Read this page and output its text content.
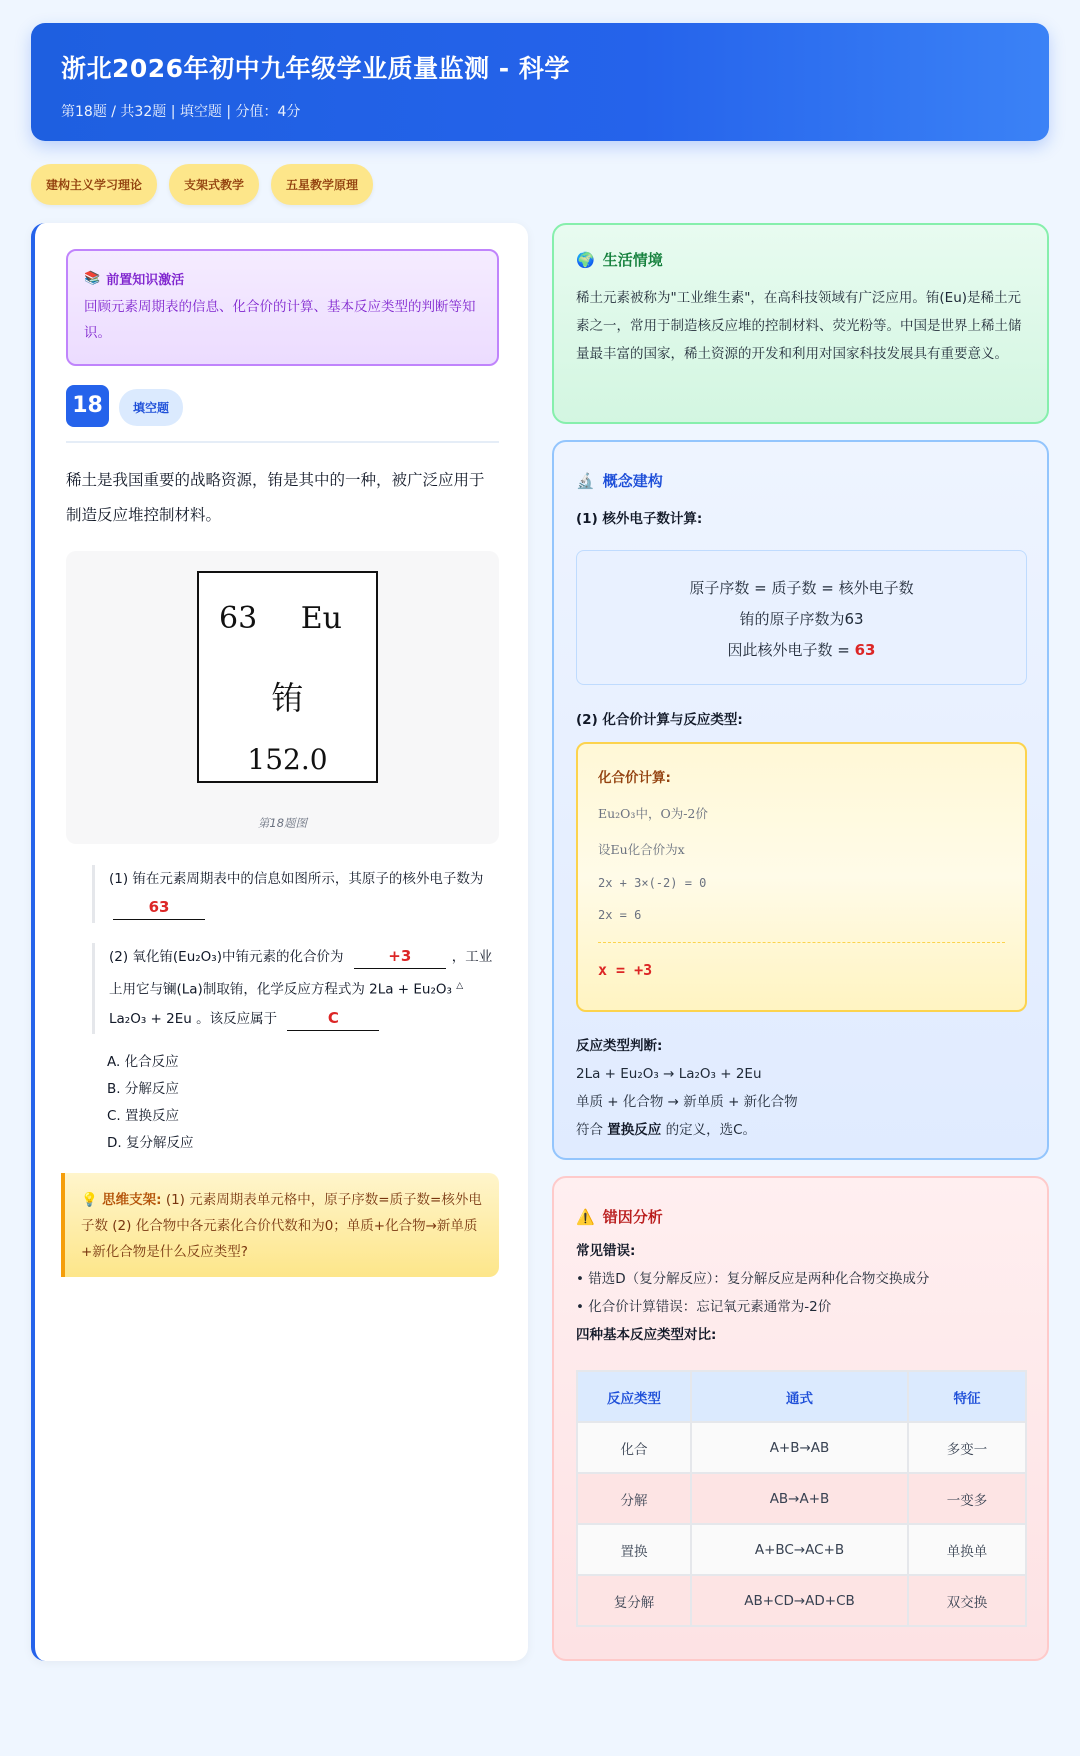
浙北2026年初中九年级学业质量监测 - 科学
第18题 / 共32题 | 填空题 | 分值：4分
建构主义学习理论	支架式教学	五星教学原理
📚 前置知识激活
回顾元素周期表的信息、化合价的计算、基本反应类型的判断等知识。
18	填空题
稀土是我国重要的战略资源，铕是其中的一种，被广泛应用于制造反应堆控制材料。
63 Eu
铕
152.0
第18题图
(1) 铕在元素周期表中的信息如图所示，其原子的核外电子数为
63
(2) 氧化铕(Eu₂O₃)中铕元素的化合价为	+3	，工业上用它与镧(La)制取铕，化学反应方程式为 2La + Eu₂O₃ △ La₂O₃ + 2Eu 。该反应属于	C
A. 化合反应
B. 分解反应
C. 置换反应
D. 复分解反应
💡 思维支架: (1) 元素周期表单元格中，原子序数=质子数=核外电子数 (2) 化合物中各元素化合价代数和为0；单质+化合物→新单质+新化合物是什么反应类型?
🌍 生活情境
稀土元素被称为"工业维生素"，在高科技领域有广泛应用。铕(Eu)是稀土元素之一，常用于制造核反应堆的控制材料、荧光粉等。中国是世界上稀土储量最丰富的国家，稀土资源的开发和利用对国家科技发展具有重要意义。
🔬 概念建构
(1) 核外电子数计算:
原子序数 = 质子数 = 核外电子数
铕的原子序数为63
因此核外电子数 = 63
(2) 化合价计算与反应类型:
化合价计算:
Eu₂O₃中，O为-2价
设Eu化合价为x
2x + 3×(-2) = 0
2x = 6
x = +3
反应类型判断:
2La + Eu₂O₃ → La₂O₃ + 2Eu
单质 + 化合物 → 新单质 + 新化合物
符合 置换反应 的定义，选C。
⚠️ 错因分析
常见错误:
• 错选D（复分解反应）：复分解反应是两种化合物交换成分
• 化合价计算错误：忘记氧元素通常为-2价
四种基本反应类型对比:
反应类型	通式	特征
化合	A+B→AB	多变一
分解	AB→A+B	一变多
置换	A+BC→AC+B	单换单
复分解	AB+CD→AD+CB	双交换
